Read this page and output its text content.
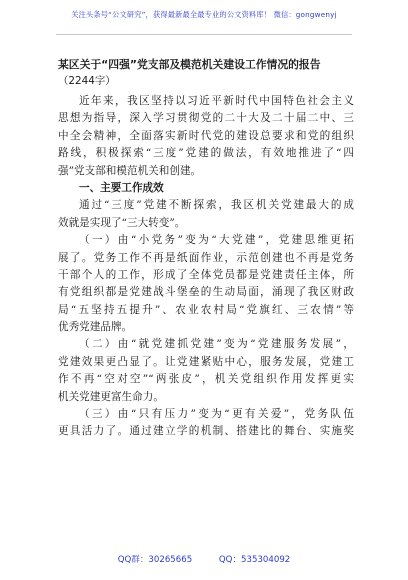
关注头条号“公文研究”，获得最新最全最专业的公文资料库！ 微信：gongwenyj

某区关于“四强”党支部及模范机关建设工作情况的报告

（2244字）

近年来，我区坚持以习近平新时代中国特色社会主义
思想为指导，深入学习贯彻党的二十大及二十届二中、三
中全会精神，全面落实新时代党的建设总要求和党的组织
路线，积极探索“三度”党建的做法，有效地推进了“四
强”党支部和模范机关和创建。

一、主要工作成效

通过“三度”党建不断探索，我区机关党建最大的成
效就是实现了“三大转变”。
（一）由“小党务”变为“大党建”，党建思维更拓
展了。党务工作不再是纸面作业，示范创建也不再是党务
干部个人的工作，形成了全体党员都是党建责任主体，所
有党组织都是党建战斗堡垒的生动局面，涌现了我区财政
局“五坚持五提升”、农业农村局“党旗红、三农情”等
优秀党建品牌。
（二）由“就党建抓党建”变为“党建服务发展”，
党建效果更凸显了。让党建紧贴中心，服务发展，党建工
作不再“空对空”“两张皮”，机关党组织作用发挥更实
机关党建更富生命力。
（三）由“只有压力”变为“更有关爱”，党务队伍
更具活力了。通过建立学的机制、搭建比的舞台、实施奖
QQ群：30265665	QQ：535304092
